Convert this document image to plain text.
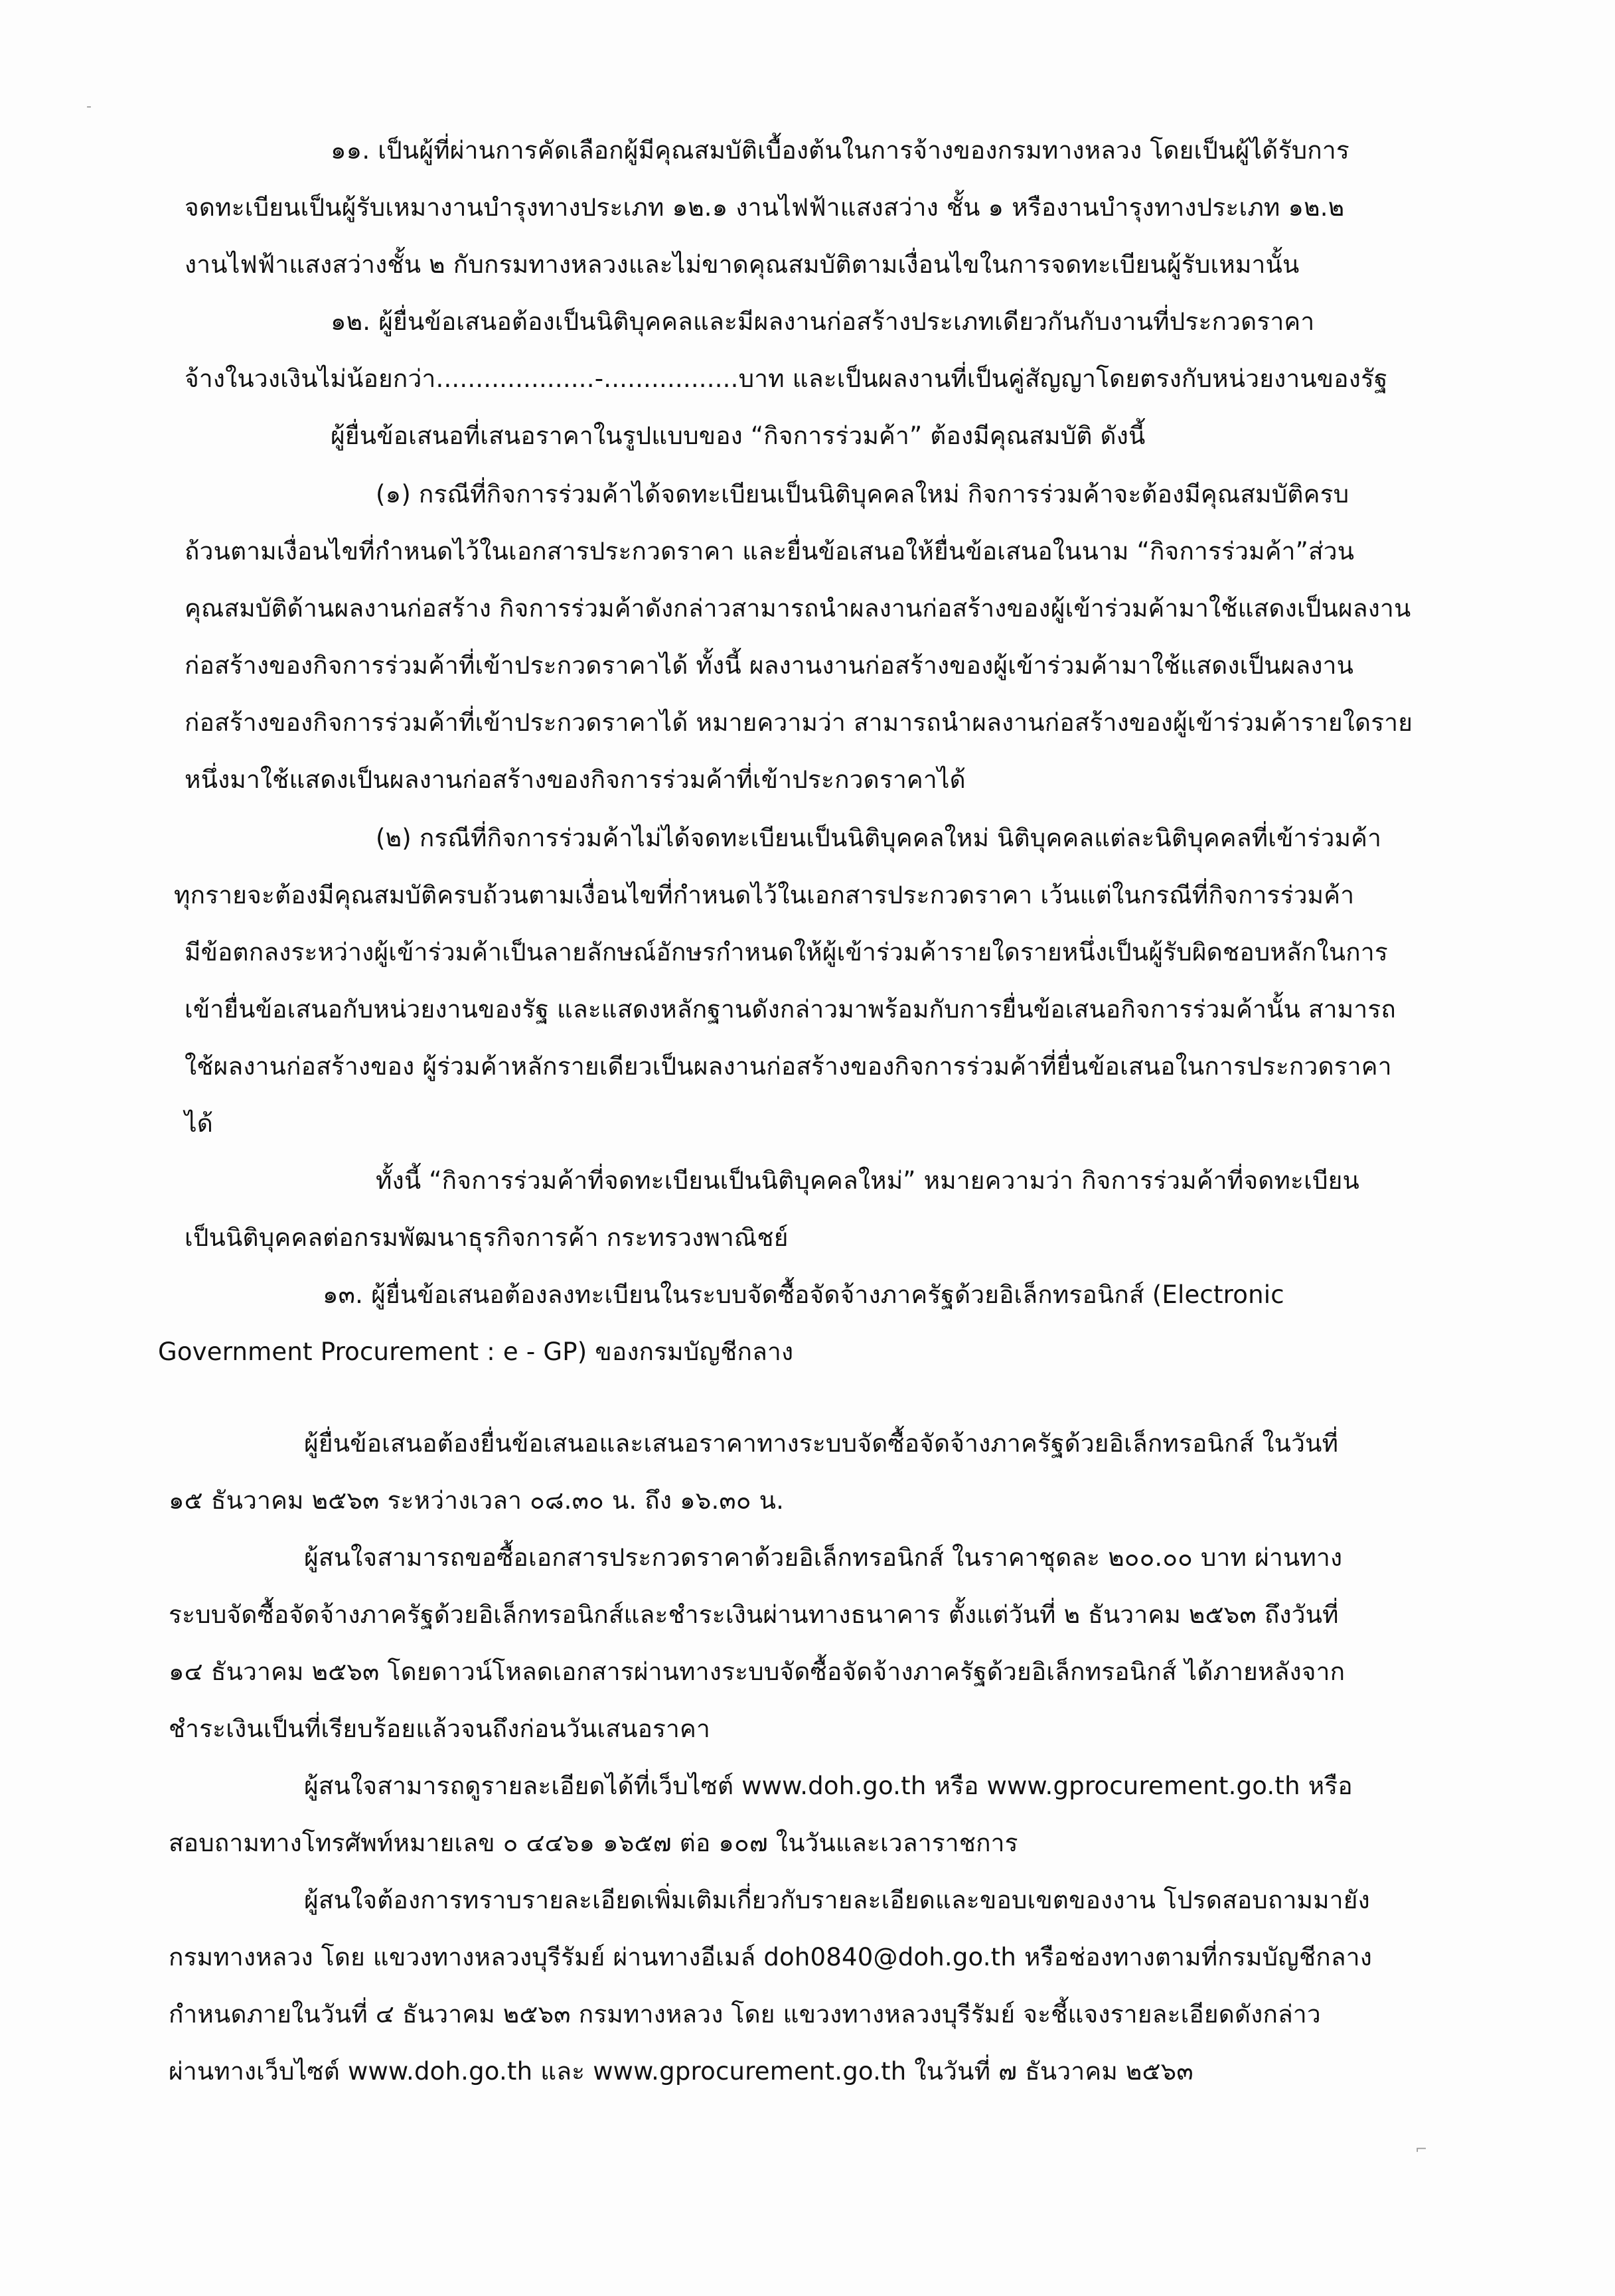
-
⌐
๑๑. เป็นผู้ที่ผ่านการคัดเลือกผู้มีคุณสมบัติเบื้องต้นในการจ้างของกรมทางหลวง โดยเป็นผู้ได้รับการ
จดทะเบียนเป็นผู้รับเหมางานบำรุงทางประเภท ๑๒.๑ งานไฟฟ้าแสงสว่าง ชั้น ๑ หรืองานบำรุงทางประเภท ๑๒.๒
งานไฟฟ้าแสงสว่างชั้น ๒ กับกรมทางหลวงและไม่ขาดคุณสมบัติตามเงื่อนไขในการจดทะเบียนผู้รับเหมานั้น
๑๒. ผู้ยื่นข้อเสนอต้องเป็นนิติบุคคลและมีผลงานก่อสร้างประเภทเดียวกันกับงานที่ประกวดราคา
จ้างในวงเงินไม่น้อยกว่า....................-.................บาท และเป็นผลงานที่เป็นคู่สัญญาโดยตรงกับหน่วยงานของรัฐ
ผู้ยื่นข้อเสนอที่เสนอราคาในรูปแบบของ “กิจการร่วมค้า” ต้องมีคุณสมบัติ ดังนี้
(๑) กรณีที่กิจการร่วมค้าได้จดทะเบียนเป็นนิติบุคคลใหม่ กิจการร่วมค้าจะต้องมีคุณสมบัติครบ
ถ้วนตามเงื่อนไขที่กำหนดไว้ในเอกสารประกวดราคา และยื่นข้อเสนอให้ยื่นข้อเสนอในนาม “กิจการร่วมค้า”ส่วน
คุณสมบัติด้านผลงานก่อสร้าง กิจการร่วมค้าดังกล่าวสามารถนำผลงานก่อสร้างของผู้เข้าร่วมค้ามาใช้แสดงเป็นผลงาน
ก่อสร้างของกิจการร่วมค้าที่เข้าประกวดราคาได้ ทั้งนี้ ผลงานงานก่อสร้างของผู้เข้าร่วมค้ามาใช้แสดงเป็นผลงาน
ก่อสร้างของกิจการร่วมค้าที่เข้าประกวดราคาได้ หมายความว่า สามารถนำผลงานก่อสร้างของผู้เข้าร่วมค้ารายใดราย
หนึ่งมาใช้แสดงเป็นผลงานก่อสร้างของกิจการร่วมค้าที่เข้าประกวดราคาได้
(๒) กรณีที่กิจการร่วมค้าไม่ได้จดทะเบียนเป็นนิติบุคคลใหม่ นิติบุคคลแต่ละนิติบุคคลที่เข้าร่วมค้า
ทุกรายจะต้องมีคุณสมบัติครบถ้วนตามเงื่อนไขที่กำหนดไว้ในเอกสารประกวดราคา เว้นแต่ในกรณีที่กิจการร่วมค้า
มีข้อตกลงระหว่างผู้เข้าร่วมค้าเป็นลายลักษณ์อักษรกำหนดให้ผู้เข้าร่วมค้ารายใดรายหนึ่งเป็นผู้รับผิดชอบหลักในการ
เข้ายื่นข้อเสนอกับหน่วยงานของรัฐ และแสดงหลักฐานดังกล่าวมาพร้อมกับการยื่นข้อเสนอกิจการร่วมค้านั้น สามารถ
ใช้ผลงานก่อสร้างของ ผู้ร่วมค้าหลักรายเดียวเป็นผลงานก่อสร้างของกิจการร่วมค้าที่ยื่นข้อเสนอในการประกวดราคา
ได้
ทั้งนี้ “กิจการร่วมค้าที่จดทะเบียนเป็นนิติบุคคลใหม่” หมายความว่า กิจการร่วมค้าที่จดทะเบียน
เป็นนิติบุคคลต่อกรมพัฒนาธุรกิจการค้า กระทรวงพาณิชย์
๑๓. ผู้ยื่นข้อเสนอต้องลงทะเบียนในระบบจัดซื้อจัดจ้างภาครัฐด้วยอิเล็กทรอนิกส์ (Electronic
Government Procurement : e - GP) ของกรมบัญชีกลาง
ผู้ยื่นข้อเสนอต้องยื่นข้อเสนอและเสนอราคาทางระบบจัดซื้อจัดจ้างภาครัฐด้วยอิเล็กทรอนิกส์ ในวันที่
๑๕ ธันวาคม ๒๕๖๓ ระหว่างเวลา ๐๘.๓๐ น. ถึง ๑๖.๓๐ น.
ผู้สนใจสามารถขอซื้อเอกสารประกวดราคาด้วยอิเล็กทรอนิกส์ ในราคาชุดละ ๒๐๐.๐๐ บาท ผ่านทาง
ระบบจัดซื้อจัดจ้างภาครัฐด้วยอิเล็กทรอนิกส์และชำระเงินผ่านทางธนาคาร ตั้งแต่วันที่ ๒ ธันวาคม ๒๕๖๓ ถึงวันที่
๑๔ ธันวาคม ๒๕๖๓ โดยดาวน์โหลดเอกสารผ่านทางระบบจัดซื้อจัดจ้างภาครัฐด้วยอิเล็กทรอนิกส์ ได้ภายหลังจาก
ชำระเงินเป็นที่เรียบร้อยแล้วจนถึงก่อนวันเสนอราคา
ผู้สนใจสามารถดูรายละเอียดได้ที่เว็บไซต์ www.doh.go.th หรือ www.gprocurement.go.th หรือ
สอบถามทางโทรศัพท์หมายเลข ๐ ๔๔๖๑ ๑๖๕๗ ต่อ ๑๐๗ ในวันและเวลาราชการ
ผู้สนใจต้องการทราบรายละเอียดเพิ่มเติมเกี่ยวกับรายละเอียดและขอบเขตของงาน โปรดสอบถามมายัง
กรมทางหลวง โดย แขวงทางหลวงบุรีรัมย์ ผ่านทางอีเมล์ doh0840@doh.go.th หรือช่องทางตามที่กรมบัญชีกลาง
กำหนดภายในวันที่ ๔ ธันวาคม ๒๕๖๓ กรมทางหลวง โดย แขวงทางหลวงบุรีรัมย์ จะชี้แจงรายละเอียดดังกล่าว
ผ่านทางเว็บไซต์ www.doh.go.th และ www.gprocurement.go.th ในวันที่ ๗ ธันวาคม ๒๕๖๓
